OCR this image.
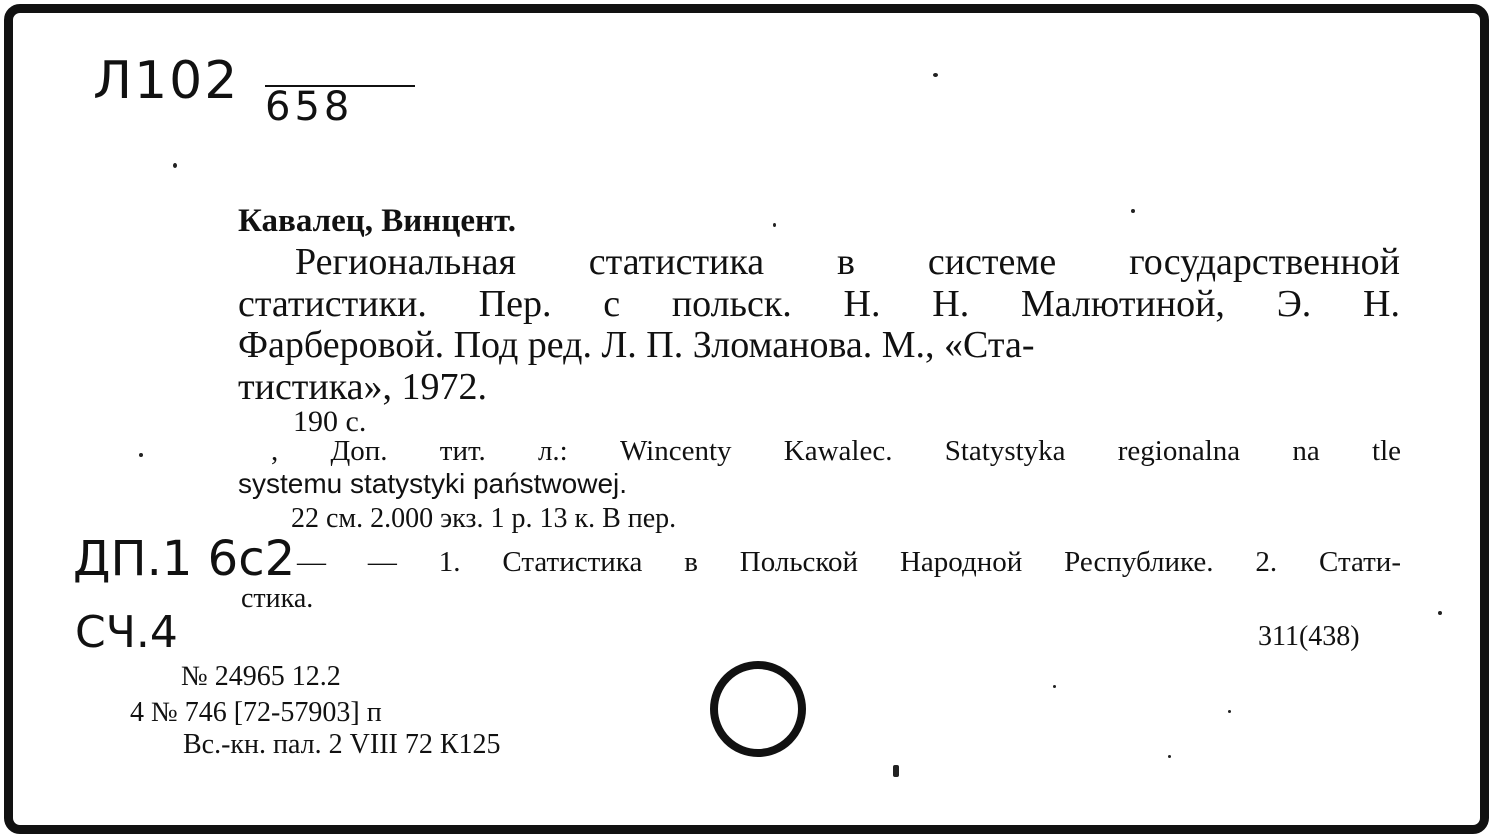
Л102 658
Кавалец, Винцент.
Региональная статистика в системе государственной
статистики. Пер. с польск. Н. Н. Малютиной, Э. Н.
Фарберовой. Под ред. Л. П. Зломанова. М., «Ста-
тистика», 1972.
190 с.
, Доп. тит. л.: Wincenty Kawalec. Statystyka regionalna na tle
systemu statystyki państwowej.
22 см. 2.000 экз. 1 р. 13 к. В пер.
ДП.1 6с2
СЧ.4
— — 1. Статистика в Польской Народной Республике. 2. Стати-
стика.
311(438)
№ 24965 12.2
4 № 746 [72-57903] п
Вс.-кн. пал. 2 VIII 72 К125
